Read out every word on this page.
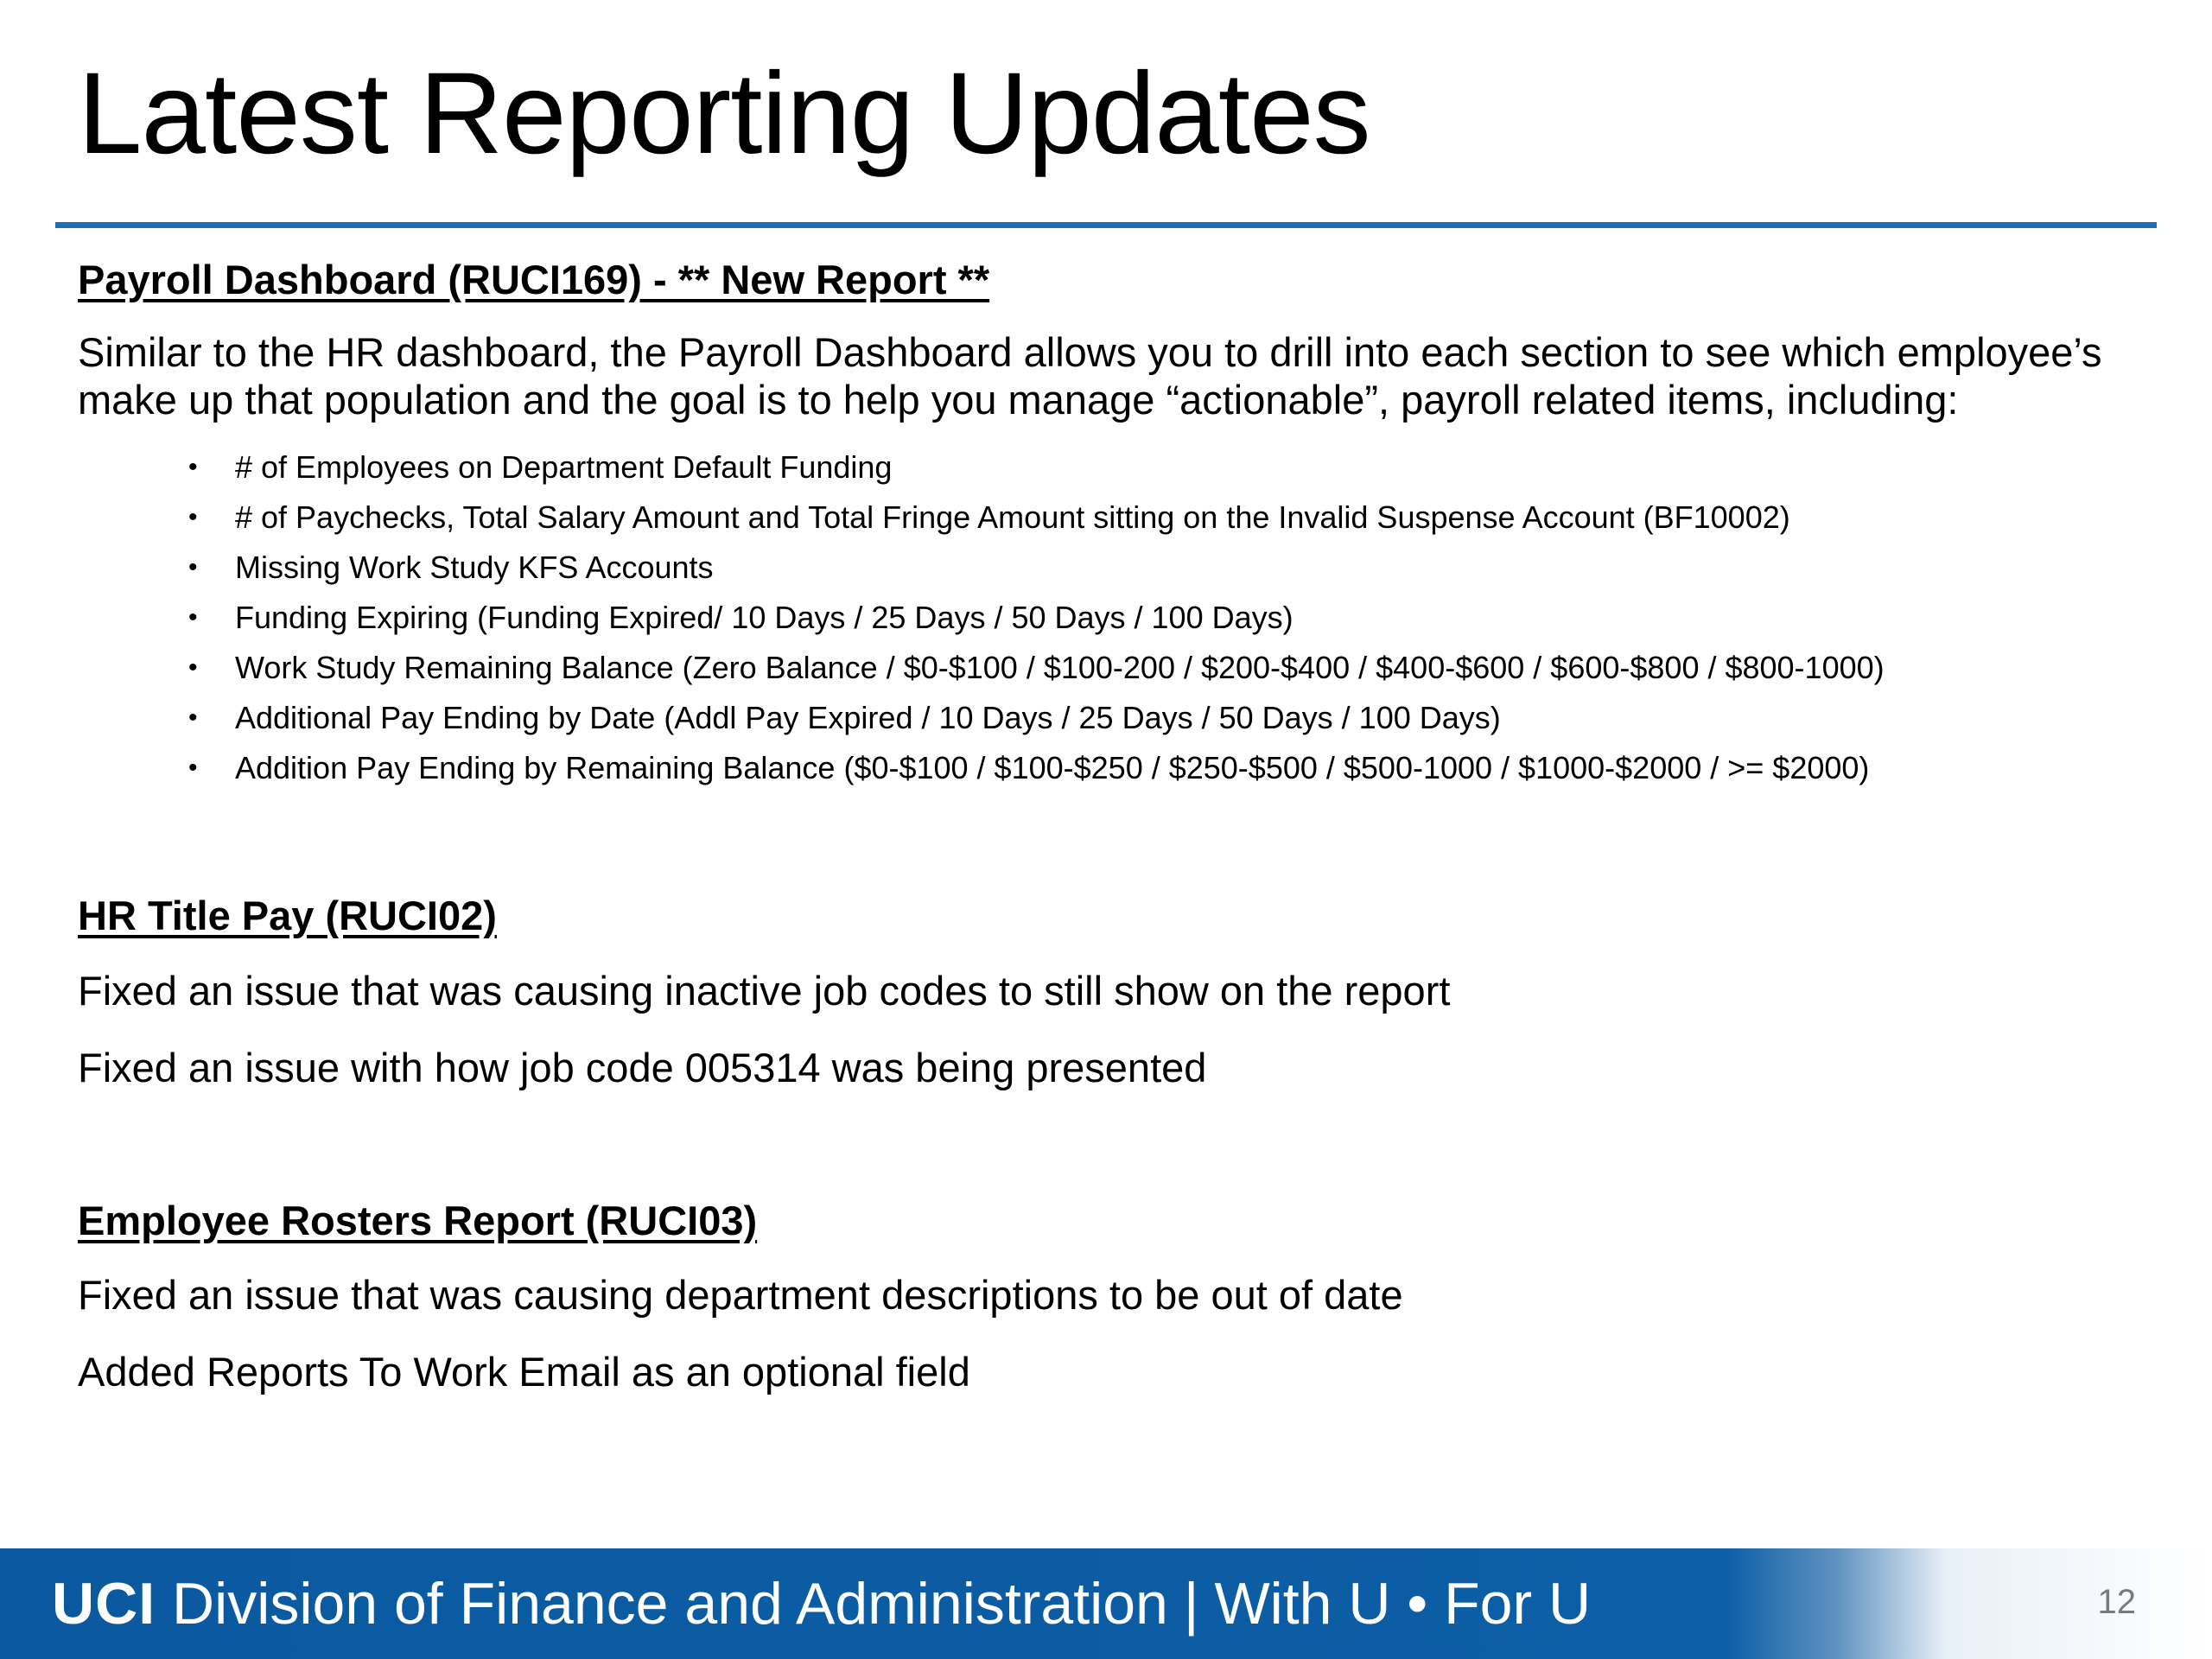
Latest Reporting Updates

Payroll Dashboard (RUCI169) - ** New Report **

Similar to the HR dashboard, the Payroll Dashboard allows you to drill into each section to see which employee’s make up that population and the goal is to help you manage “actionable”, payroll related items, including:

• # of Employees on Department Default Funding
• # of Paychecks, Total Salary Amount and Total Fringe Amount sitting on the Invalid Suspense Account (BF10002)
• Missing Work Study KFS Accounts
• Funding Expiring (Funding Expired/ 10 Days / 25 Days / 50 Days / 100 Days)
• Work Study Remaining Balance (Zero Balance / $0-$100 / $100-200 / $200-$400 / $400-$600 / $600-$800 / $800-1000)
• Additional Pay Ending by Date (Addl Pay Expired / 10 Days / 25 Days / 50 Days / 100 Days)
• Addition Pay Ending by Remaining Balance ($0-$100 / $100-$250 / $250-$500 / $500-1000 / $1000-$2000 / >= $2000)

HR Title Pay (RUCI02)

Fixed an issue that was causing inactive job codes to still show on the report

Fixed an issue with how job code 005314 was being presented

Employee Rosters Report (RUCI03)

Fixed an issue that was causing department descriptions to be out of date

Added Reports To Work Email as an optional field

UCI Division of Finance and Administration | With U • For U	12
